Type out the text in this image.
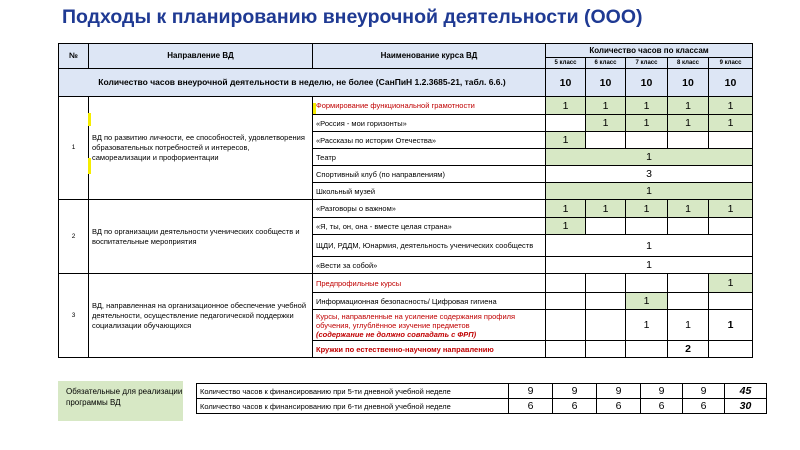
Подходы к планированию внеурочной деятельности (ООО)
№	Направление ВД	Наименование курса ВД	Количество часов по классам				
			5 класс	6 класс	7 класс	8 класс	9 класс
Количество часов внеурочной деятельности в неделю, не более (СанПиН 1.2.3685-21, табл. 6.6.)			10	10	10	10	10
1	ВД по развитию личности, ее способностей, удовлетворения образовательных потребностей и интересов, самореализации и профориентации	Формирование функциональной грамотности	1	1	1	1	1
		«Россия - мои горизонты»		1	1	1	1
		«Рассказы по истории Отечества»	1				
		Театр	1				
		Спортивный клуб (по направлениям)	3				
		Школьный музей	1				
2	ВД по организации деятельности ученических сообществ и воспитательные мероприятия	«Разговоры о важном»	1	1	1	1	1
		«Я, ты, он, она - вместе целая страна»	1				
		ЩДИ, РДДМ, Юнармия, деятельность ученических сообществ	1				
		«Вести за собой»	1				
3	ВД, направленная на организационное обеспечение учебной деятельности, осуществление педагогической поддержки социализации обучающихся	Предпрофильные курсы					1
		Информационная безопасность/ Цифровая гигиена			1		
		Курсы, направленные на усиление содержания профиля обучения, углублённое изучение предметов
(содержание не должно совпадать с ФРП)			1	1	1
		Кружки по естественно-научному направлению				2	
Обязательные для реализации программы ВД
Количество часов к финансированию при 5-ти дневной учебной неделе	9	9	9	9	9	45
Количество часов к финансированию при 6-ти дневной учебной неделе	6	6	6	6	6	30
